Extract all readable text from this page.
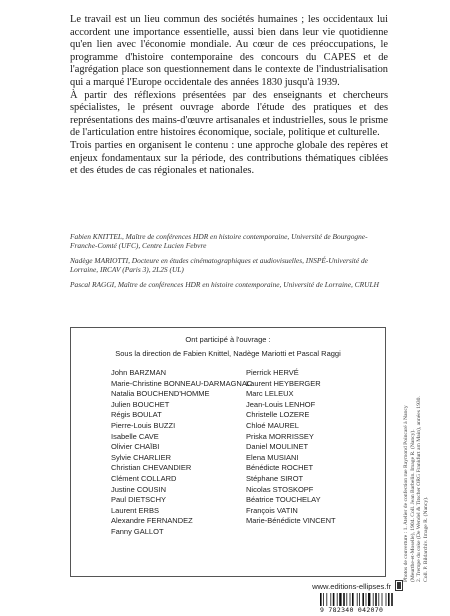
Le travail est un lieu commun des sociétés humaines ; les occidentaux lui accordent une importance essentielle, aussi bien dans leur vie quotidienne qu'en lien avec l'économie mondiale. Au cœur de ces préoccupations, le programme d'histoire contemporaine des concours du CAPES et de l'agrégation place son questionnement dans le contexte de l'industrialisation qui a marqué l'Europe occidentale des années 1830 jusqu'à 1939.

À partir des réflexions présentées par des enseignants et chercheurs spécialistes, le présent ouvrage aborde l'étude des pratiques et des représentations des mains-d'œuvre artisanales et industrielles, sous le prisme de l'articulation entre histoires économique, sociale, politique et culturelle.

Trois parties en organisent le contenu : une approche globale des repères et enjeux fondamentaux sur la période, des contributions thématiques ciblées et des études de cas régionales et nationales.

Fabien KNITTEL, Maître de conférences HDR en histoire contemporaine, Université de Bourgogne-Franche-Comté (UFC), Centre Lucien Febvre

Nadège MARIOTTI, Docteure en études cinématographiques et audiovisuelles, INSPÉ-Université de Lorraine, IRCAV (Paris 3), 2L2S (UL)

Pascal RAGGI, Maître de conférences HDR en histoire contemporaine, Université de Lorraine, CRULH

Ont participé à l'ouvrage :
Sous la direction de Fabien Knittel, Nadège Mariotti et Pascal Raggi
John BARZMAN
Marie-Christine BONNEAU-DARMAGNAC
Natalia BOUCHEND'HOMME
Julien BOUCHET
Régis BOULAT
Pierre-Louis BUZZI
Isabelle CAVE
Olivier CHAÏBI
Sylvie CHARLIER
Christian CHEVANDIER
Clément COLLARD
Justine COUSIN
Paul DIETSCHY
Laurent ERBS
Alexandre FERNANDEZ
Fanny GALLOT
Pierrick HERVÉ
Laurent HEYBERGER
Marc LELEUX
Jean-Louis LENHOF
Christelle LOZERE
Chloé MAUREL
Priska MORRISSEY
Daniel MOULINET
Elena MUSIANI
Bénédicte ROCHET
Stéphane SIROT
Nicolas STOSKOPF
Béatrice TOUCHELAY
François VATIN
Marie-Bénédicte VINCENT	Photos de couverture : 1. Atelier de confection rue Raymond Poincaré à Nancy (Meurthe-et-Moselle), 1904. Coll. Jean Barbelin. Image R. (Nancy). 2. Trempe du coke (De Wendel & Titscher ORG Frankfurt am Main), années 1930. Coll. P. Bildarchiv. Image R. (Nancy).

www.editions-ellipses.fr
9 782340 042070
